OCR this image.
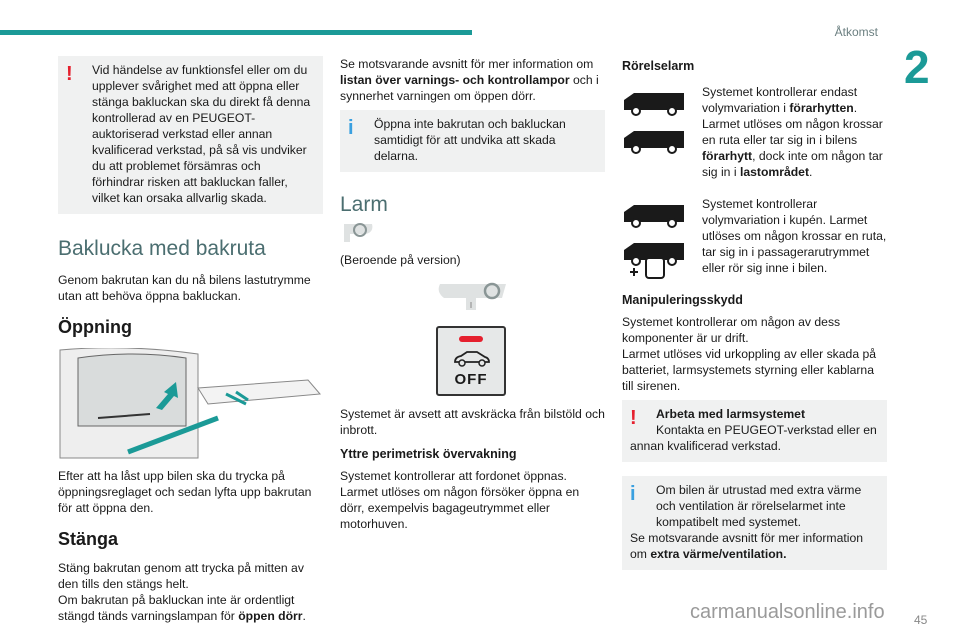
Åtkomst
2
!	Vid händelse av funktionsfel eller om du upplever svårighet med att öppna eller stänga bakluckan ska du direkt få denna kontrollerad av en PEUGEOT-auktoriserad verkstad eller annan kvalificerad verkstad, på så vis undviker du att problemet försämras och förhindrar risken att bakluckan faller, vilket kan orsaka allvarlig skada.
Baklucka med bakruta

Genom bakrutan kan du nå bilens lastutrymme utan att behöva öppna bakluckan.

Öppning

Efter att ha låst upp bilen ska du trycka på öppningsreglaget och sedan lyfta upp bakrutan för att öppna den.

Stänga

Stäng bakrutan genom att trycka på mitten av den tills den stängs helt.

Om bakrutan på bakluckan inte är ordentligt stängd tänds varningslampan för öppen dörr.

Se motsvarande avsnitt för mer information om listan över varnings- och kontrollampor och i synnerhet varningen om öppen dörr.

i	Öppna inte bakrutan och bakluckan samtidigt för att undvika att skada delarna.
Larm

(Beroende på version)

OFF

Systemet är avsett att avskräcka från bilstöld och inbrott.

Yttre perimetrisk övervakning

Systemet kontrollerar att fordonet öppnas. Larmet utlöses om någon försöker öppna en dörr, exempelvis bagageutrymmet eller motorhuven.

Rörelselarm

Systemet kontrollerar endast volymvariation i förarhytten. Larmet utlöses om någon krossar en ruta eller tar sig in i bilens förarhytt, dock inte om någon tar sig in i lastområdet.

Systemet kontrollerar volymvariation i kupén. Larmet utlöses om någon krossar en ruta, tar sig in i passagerarutrymmet eller rör sig inne i bilen.

Manipuleringsskydd

Systemet kontrollerar om någon av dess komponenter är ur drift.

Larmet utlöses vid urkoppling av eller skada på batteriet, larmsystemets styrning eller kablarna till sirenen.

!	Arbeta med larmsystemet
Kontakta en PEUGEOT-verkstad eller en annan kvalificerad verkstad.
i	Om bilen är utrustad med extra värme och ventilation är rörelselarmet inte kompatibelt med systemet.
Se motsvarande avsnitt för mer information om extra värme/ventilation.
carmanualsonline.info 45
